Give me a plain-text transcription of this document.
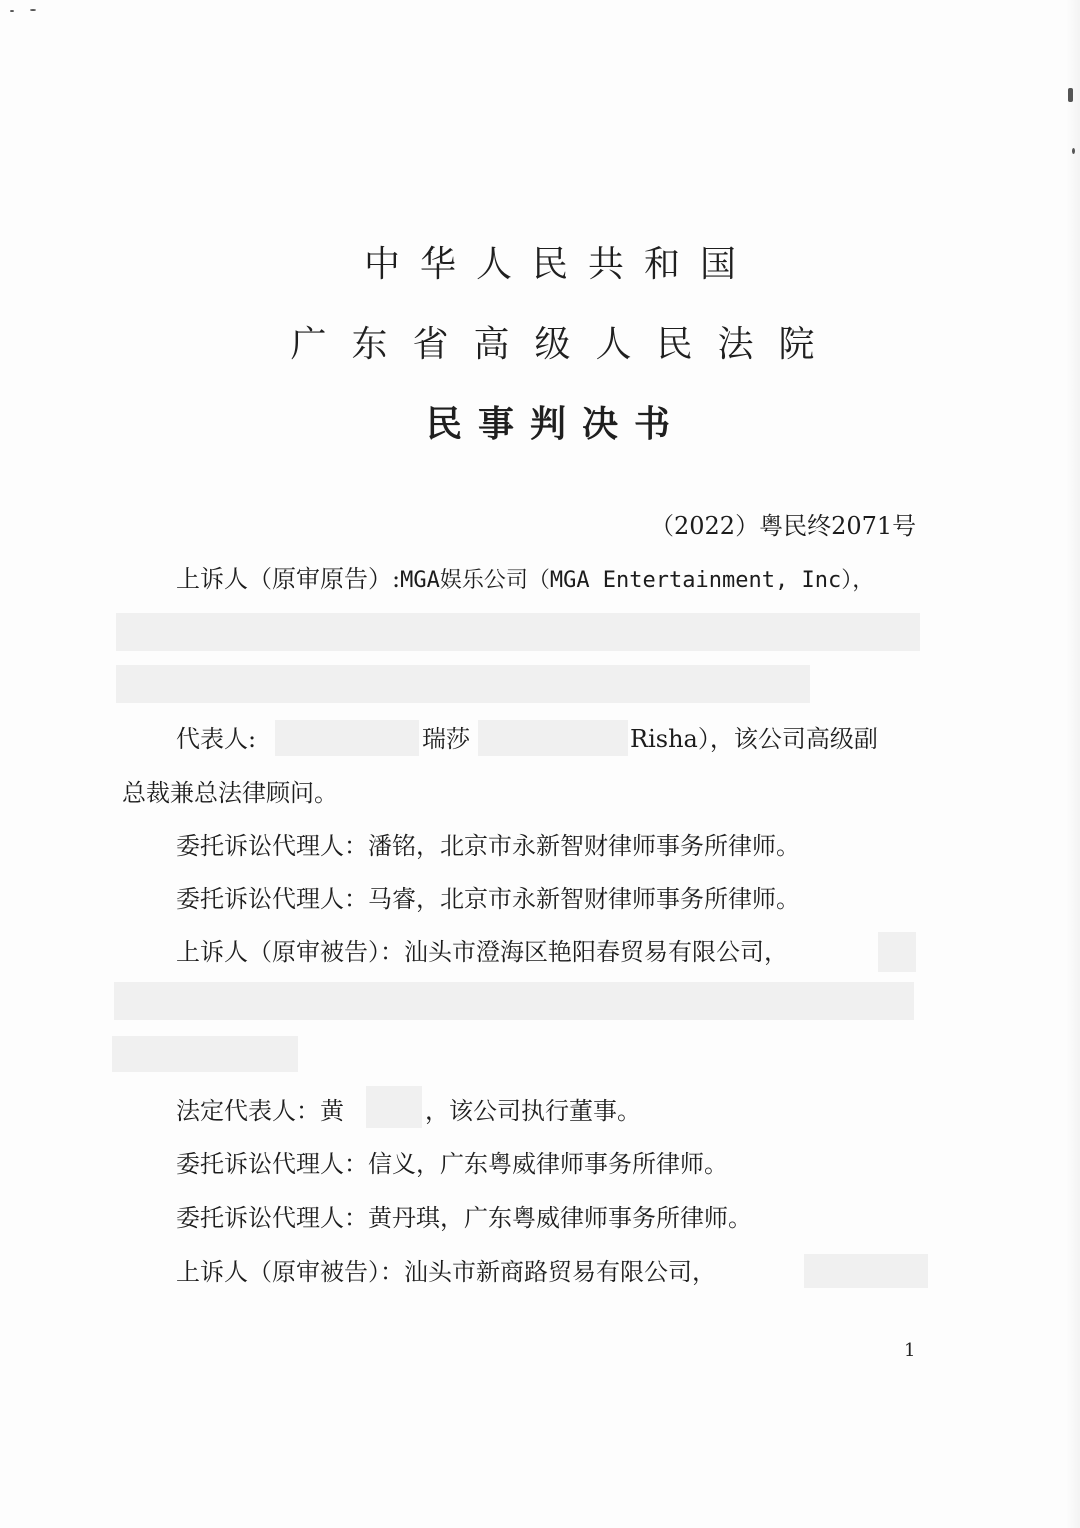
中华人民共和国
广东省高级人民法院
民事判决书
（2022）粤民终2071号
上诉人（原审原告）:MGA娱乐公司（MGA Entertainment, Inc），
代表人:	瑞莎	Risha），该公司高级副
总裁兼总法律顾问。
委托诉讼代理人：潘铭，北京市永新智财律师事务所律师。
委托诉讼代理人：马睿，北京市永新智财律师事务所律师。
上诉人（原审被告）：汕头市澄海区艳阳春贸易有限公司，
法定代表人：黄	，该公司执行董事。
委托诉讼代理人：信义，广东粤威律师事务所律师。
委托诉讼代理人：黄丹琪，广东粤威律师事务所律师。
上诉人（原审被告）：汕头市新商路贸易有限公司，
1
